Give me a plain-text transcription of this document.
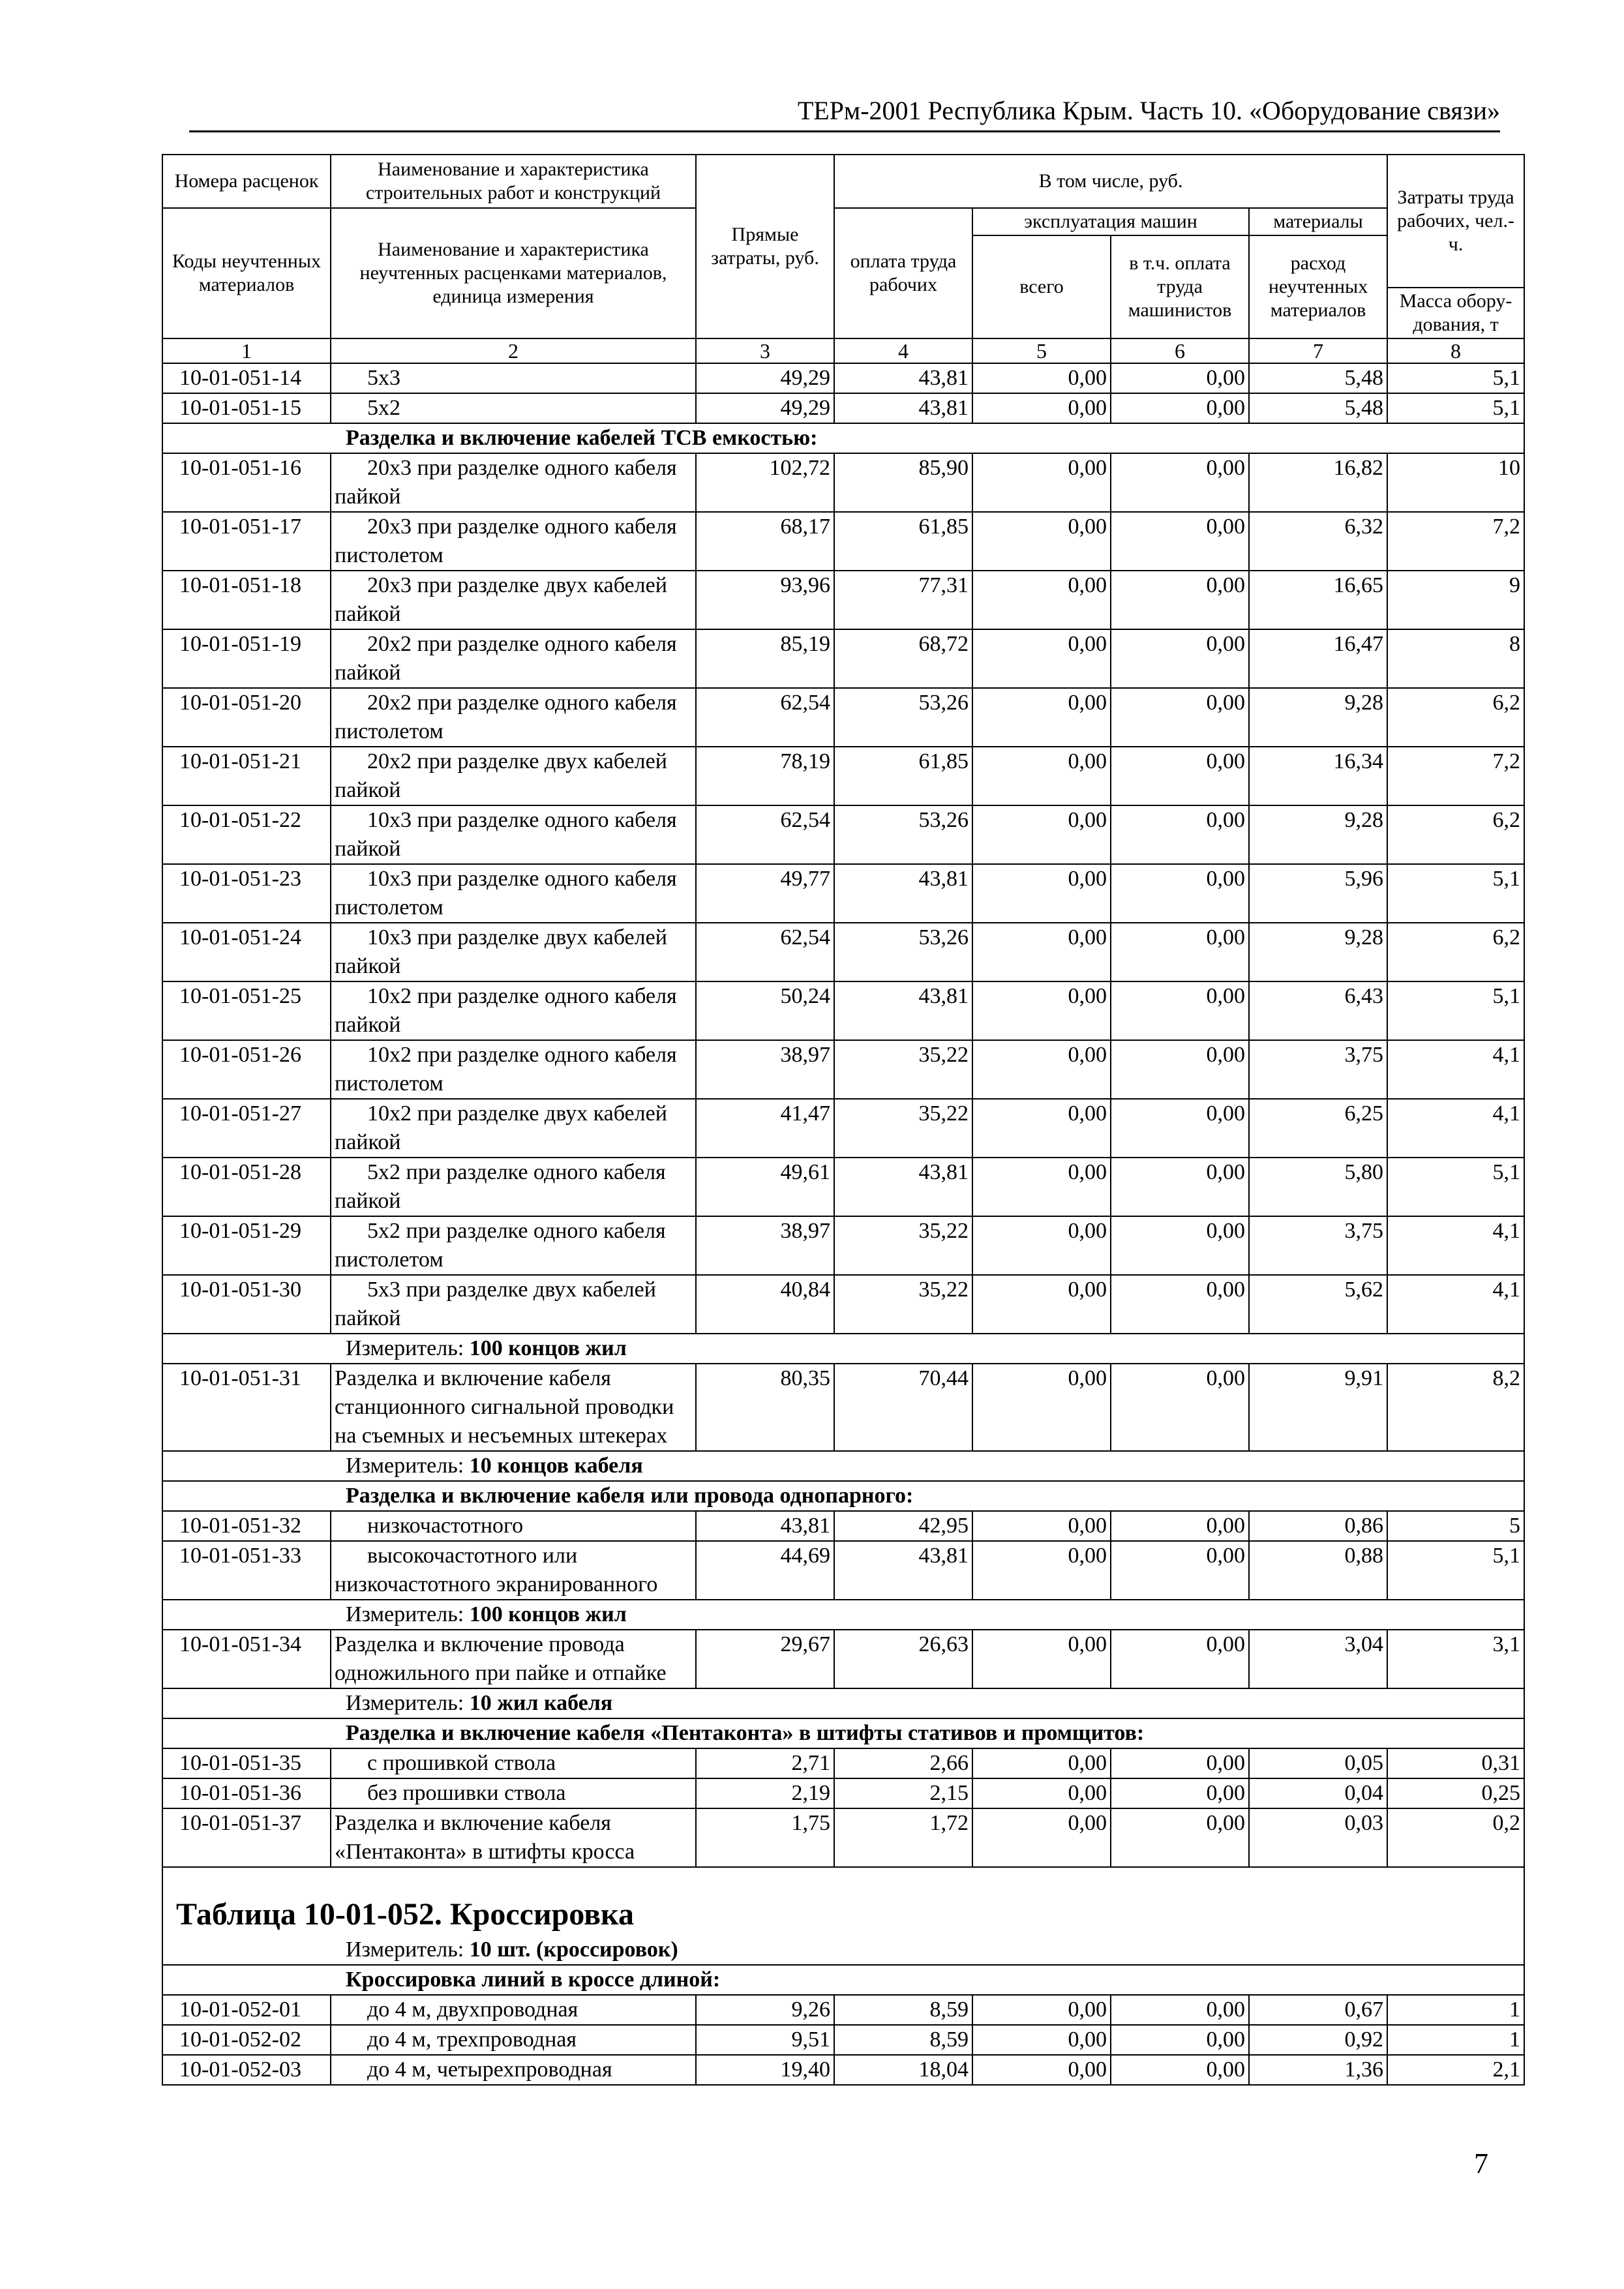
ТЕРм-2001 Республика Крым. Часть 10. «Оборудование связи»
Номера расценок	Наименование и характеристика строительных работ и конструкций	Прямые затраты, руб.	В том числе, руб.				Затраты труда рабочих, чел.-ч.
Коды неучтенных материалов	Наименование и характеристика неучтенных расценками материалов, единица измерения		оплата труда рабочих	эксплуатация машин		материалы	
				всего	в т.ч. оплата труда машинистов	расход неучтенных материалов	
							Масса обору-дования, т
1	2	3	4	5	6	7	8
10-01-051-14	5x3	49,29	43,81	0,00	0,00	5,48	5,1
10-01-051-15	5x2	49,29	43,81	0,00	0,00	5,48	5,1
Разделка и включение кабелей ТСВ емкостью:							
10-01-051-16	20x3 при разделке одного кабеля пайкой	102,72	85,90	0,00	0,00	16,82	10
10-01-051-17	20x3 при разделке одного кабеля пистолетом	68,17	61,85	0,00	0,00	6,32	7,2
10-01-051-18	20x3 при разделке двух кабелей пайкой	93,96	77,31	0,00	0,00	16,65	9
10-01-051-19	20x2 при разделке одного кабеля пайкой	85,19	68,72	0,00	0,00	16,47	8
10-01-051-20	20x2 при разделке одного кабеля пистолетом	62,54	53,26	0,00	0,00	9,28	6,2
10-01-051-21	20x2 при разделке двух кабелей пайкой	78,19	61,85	0,00	0,00	16,34	7,2
10-01-051-22	10x3 при разделке одного кабеля пайкой	62,54	53,26	0,00	0,00	9,28	6,2
10-01-051-23	10x3 при разделке одного кабеля пистолетом	49,77	43,81	0,00	0,00	5,96	5,1
10-01-051-24	10x3 при разделке двух кабелей пайкой	62,54	53,26	0,00	0,00	9,28	6,2
10-01-051-25	10x2 при разделке одного кабеля пайкой	50,24	43,81	0,00	0,00	6,43	5,1
10-01-051-26	10x2 при разделке одного кабеля пистолетом	38,97	35,22	0,00	0,00	3,75	4,1
10-01-051-27	10x2 при разделке двух кабелей пайкой	41,47	35,22	0,00	0,00	6,25	4,1
10-01-051-28	5x2 при разделке одного кабеля пайкой	49,61	43,81	0,00	0,00	5,80	5,1
10-01-051-29	5x2 при разделке одного кабеля пистолетом	38,97	35,22	0,00	0,00	3,75	4,1
10-01-051-30	5x3 при разделке двух кабелей пайкой	40,84	35,22	0,00	0,00	5,62	4,1
Измеритель: 100 концов жил							
10-01-051-31	Разделка и включение кабеля станционного сигнальной проводки на съемных и несъемных штекерах	80,35	70,44	0,00	0,00	9,91	8,2
Измеритель: 10 концов кабеля							
Разделка и включение кабеля или провода однопарного:							
10-01-051-32	низкочастотного	43,81	42,95	0,00	0,00	0,86	5
10-01-051-33	высокочастотного или низкочастотного экранированного	44,69	43,81	0,00	0,00	0,88	5,1
Измеритель: 100 концов жил							
10-01-051-34	Разделка и включение провода одножильного при пайке и отпайке	29,67	26,63	0,00	0,00	3,04	3,1
Измеритель: 10 жил кабеля							
Разделка и включение кабеля «Пентаконта» в штифты стативов и промщитов:							
10-01-051-35	с прошивкой ствола	2,71	2,66	0,00	0,00	0,05	0,31
10-01-051-36	без прошивки ствола	2,19	2,15	0,00	0,00	0,04	0,25
10-01-051-37	Разделка и включение кабеля «Пентаконта» в штифты кросса	1,75	1,72	0,00	0,00	0,03	0,2

Таблица 10-01-052. Кроссировка
Измеритель: 10 шт. (кроссировок)							

Кроссировка линий в кроссе длиной:							
10-01-052-01	до 4 м, двухпроводная	9,26	8,59	0,00	0,00	0,67	1
10-01-052-02	до 4 м, трехпроводная	9,51	8,59	0,00	0,00	0,92	1
10-01-052-03	до 4 м, четырехпроводная	19,40	18,04	0,00	0,00	1,36	2,1
7
